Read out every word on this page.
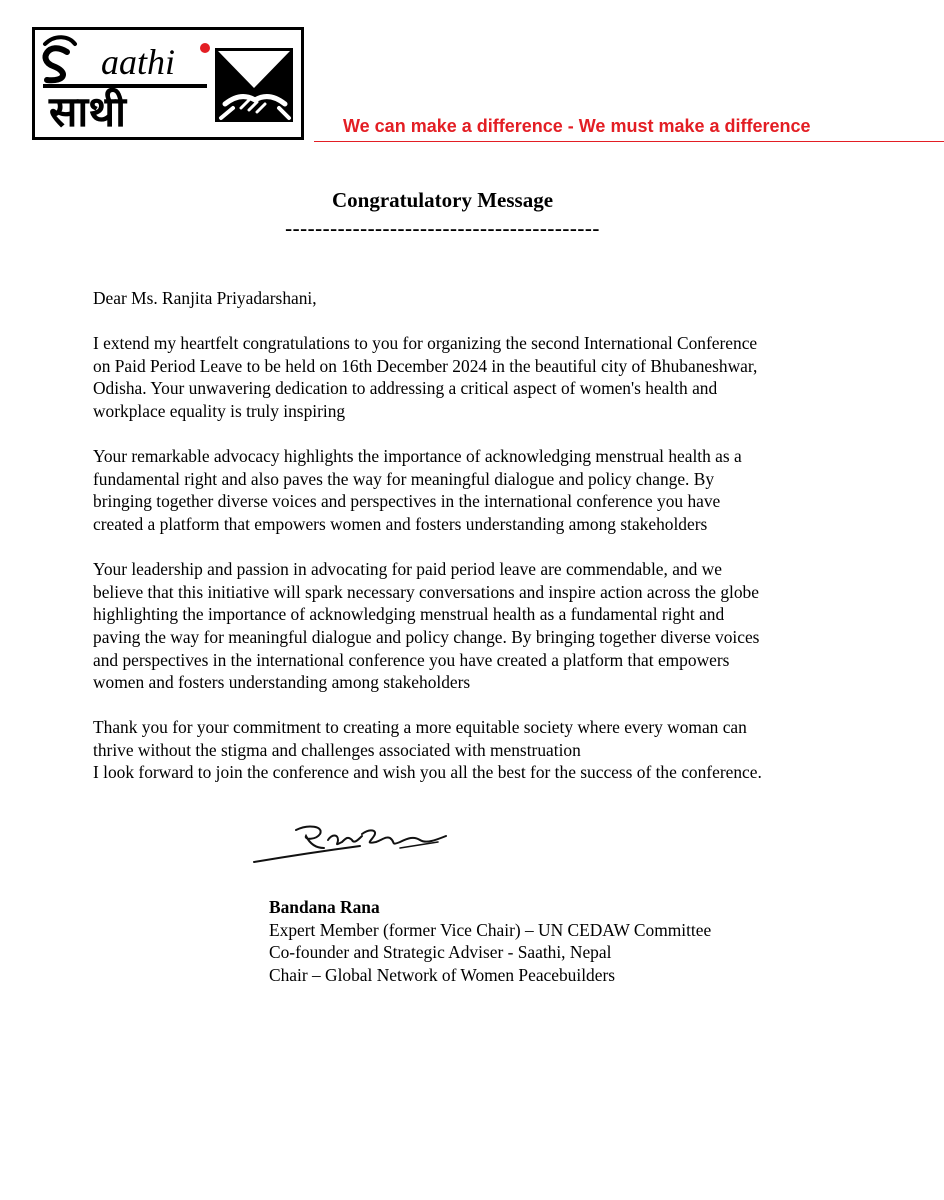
aathi
साथी	We can make a difference - We must make a difference
Congratulatory Message
------------------------------------------

Dear Ms. Ranjita Priyadarshani,

I extend my heartfelt congratulations to you for organizing the second International Conference
on Paid Period Leave to be held on 16th December 2024 in the beautiful city of Bhubaneshwar,
Odisha. Your unwavering dedication to addressing a critical aspect of women's health and
workplace equality is truly inspiring

Your remarkable advocacy highlights the importance of acknowledging menstrual health as a
fundamental right and also paves the way for meaningful dialogue and policy change. By
bringing together diverse voices and perspectives in the international conference you have
created a platform that empowers women and fosters understanding among stakeholders

Your leadership and passion in advocating for paid period leave are commendable, and we
believe that this initiative will spark necessary conversations and inspire action across the globe
highlighting the importance of acknowledging menstrual health as a fundamental right and
paving the way for meaningful dialogue and policy change. By bringing together diverse voices
and perspectives in the international conference you have created a platform that empowers
women and fosters understanding among stakeholders

Thank you for your commitment to creating a more equitable society where every woman can
thrive without the stigma and challenges associated with menstruation
I look forward to join the conference and wish you all the best for the success of the conference.

Bandana Rana
Expert Member (former Vice Chair) – UN CEDAW Committee
Co-founder and Strategic Adviser - Saathi, Nepal
Chair – Global Network of Women Peacebuilders
